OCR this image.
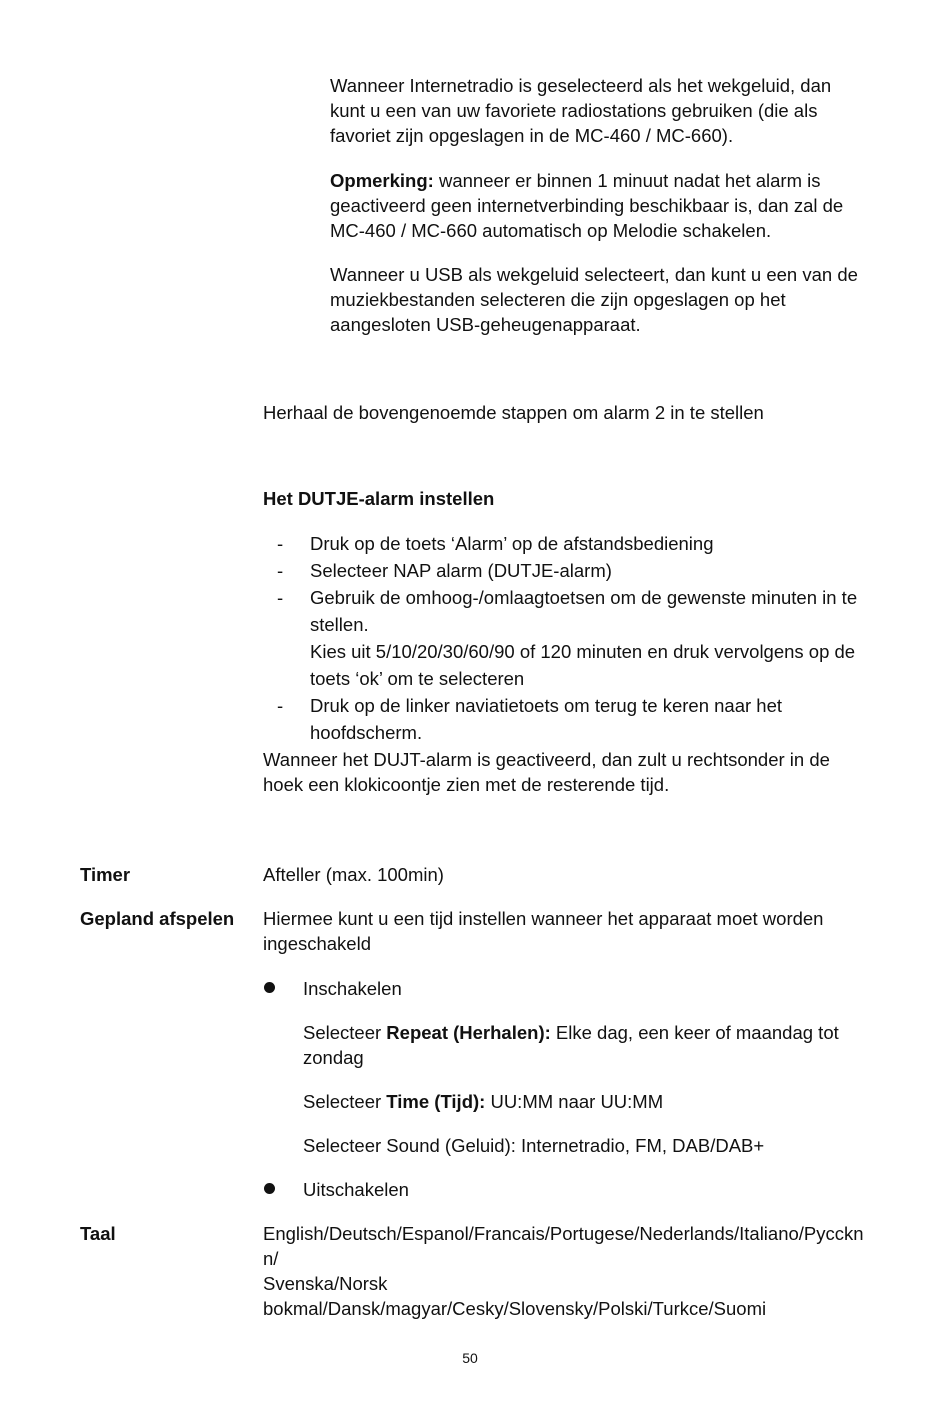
Wanneer Internetradio is geselecteerd als het wekgeluid, dan kunt u een van uw favoriete radiostations gebruiken (die als favoriet zijn opgeslagen in de MC-460 / MC-660).

Opmerking: wanneer er binnen 1 minuut nadat het alarm is geactiveerd geen internetverbinding beschikbaar is, dan zal de MC-460 / MC-660 automatisch op Melodie schakelen.

Wanneer u USB als wekgeluid selecteert, dan kunt u een van de muziekbestanden selecteren die zijn opgeslagen op het aangesloten USB-geheugenapparaat.

Herhaal de bovengenoemde stappen om alarm 2 in te stellen

Het DUTJE-alarm instellen

- Druk op de toets ‘Alarm’ op de afstandsbediening
- Selecteer NAP alarm (DUTJE-alarm)
- Gebruik de omhoog-/omlaagtoetsen om de gewenste minuten in te stellen.
Kies uit 5/10/20/30/60/90 of 120 minuten en druk vervolgens op de toets ‘ok’ om te selecteren
- Druk op de linker naviatietoets om terug te keren naar het hoofdscherm.

Wanneer het DUJT-alarm is geactiveerd, dan zult u rechtsonder in de hoek een klokicoontje zien met de resterende tijd.

Timer	Afteller (max. 100min)

Gepland afspelen Hiermee kunt u een tijd instellen wanneer het apparaat moet worden ingeschakeld

Inschakelen

Selecteer Repeat (Herhalen): Elke dag, een keer of maandag tot zondag

Selecteer Time (Tijd): UU:MM naar UU:MM

Selecteer Sound (Geluid): Internetradio, FM, DAB/DAB+

Uitschakelen

Taal	English/Deutsch/Espanol/Francais/Portugese/Nederlands/Italiano/Pyccknn/
Svenska/Norsk
bokmal/Dansk/magyar/Cesky/Slovensky/Polski/Turkce/Suomi
50
